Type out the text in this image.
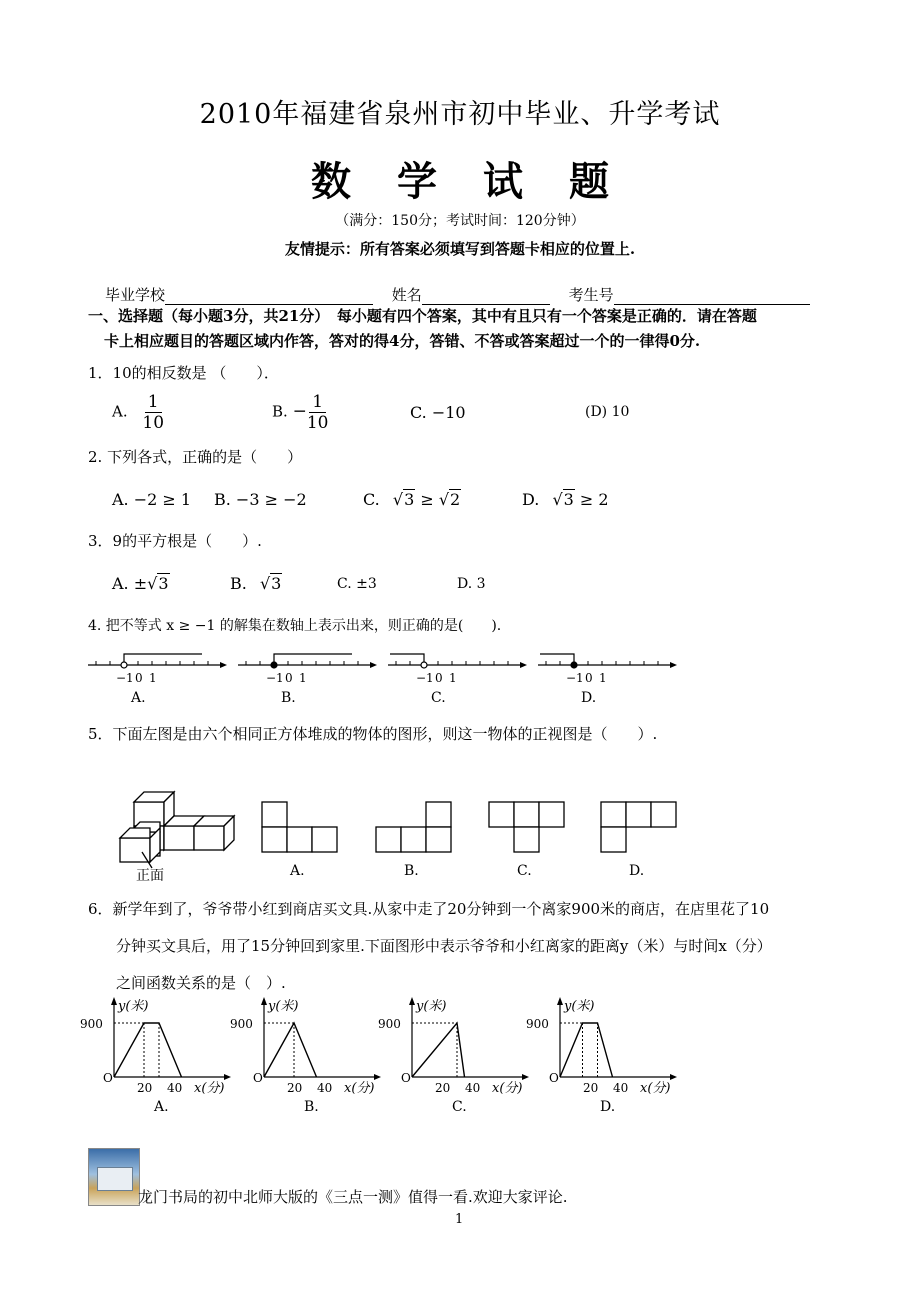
2010年福建省泉州市初中毕业、升学考试
数学试题
（满分：150分；考试时间：120分钟）
友情提示：所有答案必须填写到答题卡相应的位置上.
毕业学校	姓名	考生号
一、选择题（每小题3分，共21分）　每小题有四个答案，其中有且只有一个答案是正确的．请在答题
卡上相应题目的答题区域内作答，答对的得4分，答错、不答或答案超过一个的一律得0分.
1．10的相反数是 （　　）．
A. $\frac{1}{10}$	B. − $\frac{1}{10}$	C. −10	(D) 10
2. 下列各式，正确的是（　　）
A. −2 ≥ 1 B. −3 ≥ −2	C. √3 ≥ √2	D. √3 ≥ 2
3．9的平方根是（　　）.
A. ±√3	B. √3	C. ±3	D. 3
4. 把不等式 x ≥ −1 的解集在数轴上表示出来，则正确的是(　　).
−1 0 1
A.
−1 0 1
B.
−1 0 1
C.
−1 0 1
D.
5．下面左图是由六个相同正方体堆成的物体的图形，则这一物体的正视图是（　　）.
正面	A.	B.	C.	D.
6．新学年到了，爷爷带小红到商店买文具.从家中走了20分钟到一个离家900米的商店，在店里花了10
分钟买文具后，用了15分钟回到家里.下面图形中表示爷爷和小红离家的距离y（米）与时间x（分）
之间函数关系的是（　）.
y(米)
900
O
20 40 x(分)
A.
y(米)
900
O
20 40 x(分)
B.
y(米)
900
O
20 40 x(分)
C.
y(米)
900
O
20 40 x(分)
D.
龙门书局的初中北师大版的《三点一测》值得一看.欢迎大家评论.
1
